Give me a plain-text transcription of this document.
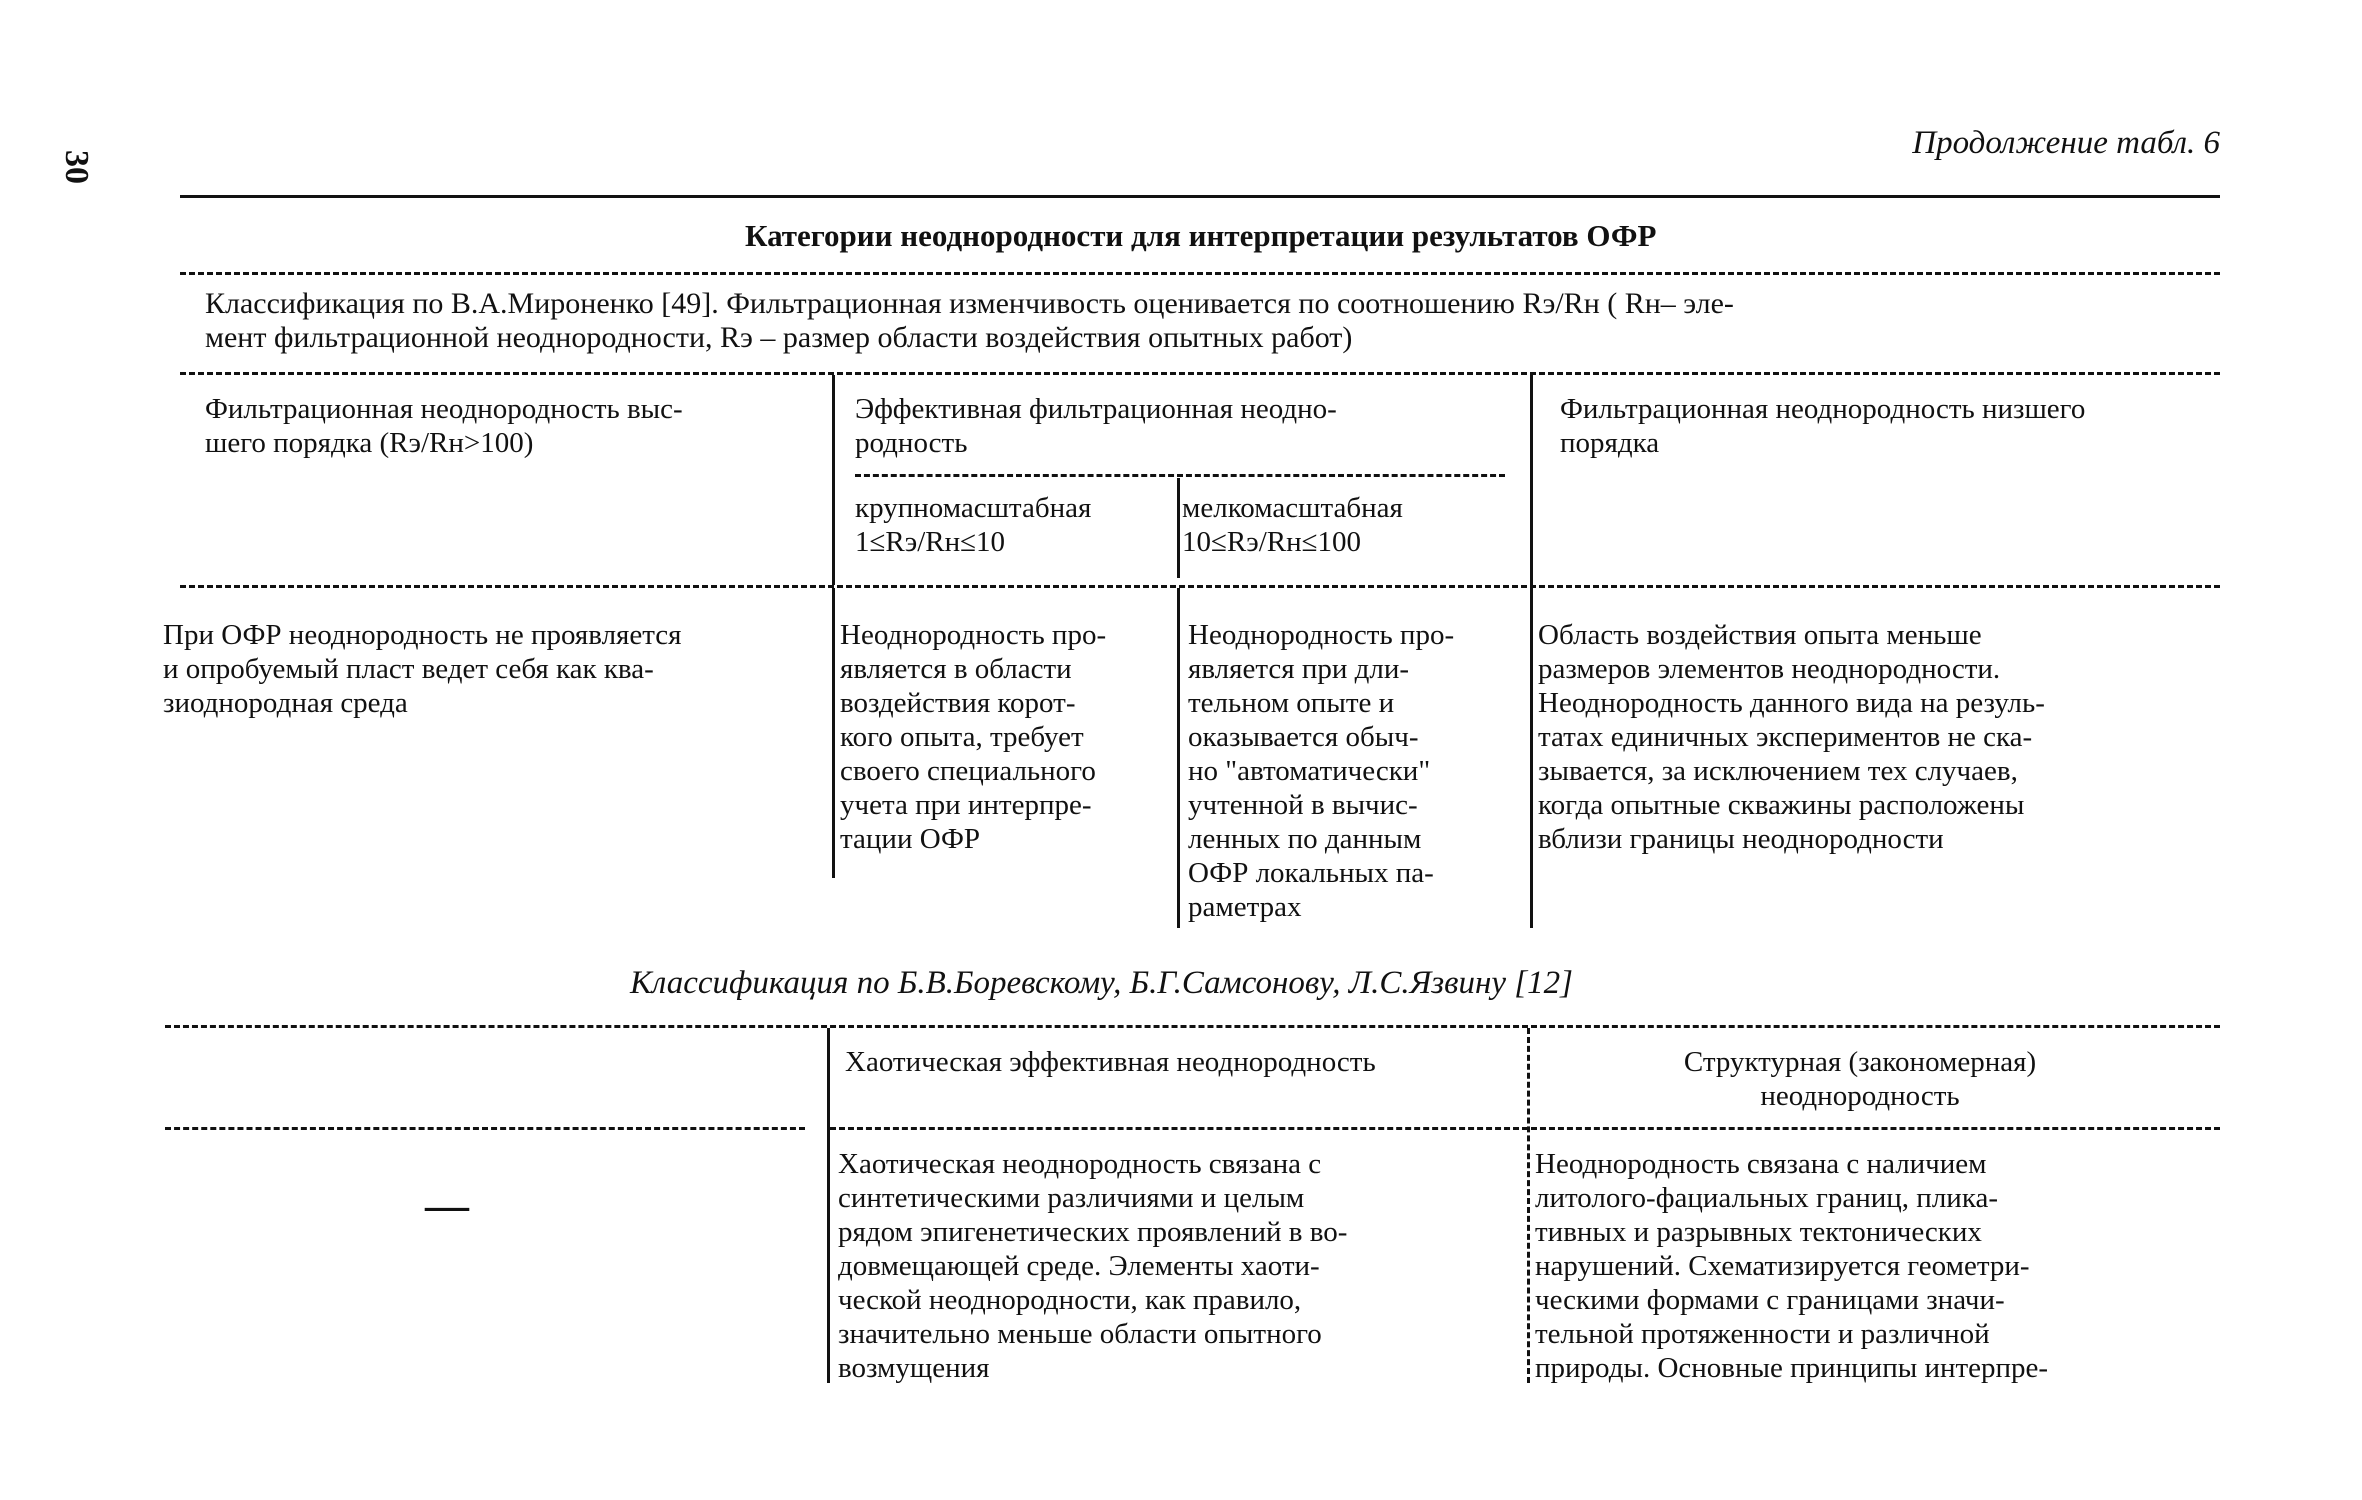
30
Продолжение табл. 6
Категории неоднородности для интерпретации результатов ОФР
Классификация по В.А.Мироненко [49]. Фильтрационная изменчивость оценивается по соотношению Rэ/Rн ( Rн– эле-
мент фильтрационной неоднородности, Rэ – размер области воздействия опытных работ)
Фильтрационная неоднородность выс-
шего порядка (Rэ/Rн>100)
Эффективная фильтрационная неодно-
родность
крупномасштабная
1≤Rэ/Rн≤10
мелкомасштабная
10≤Rэ/Rн≤100
Фильтрационная неоднородность низшего
порядка
При ОФР неоднородность не проявляется
и опробуемый пласт ведет себя как ква-
зиоднородная среда
Неоднородность про-
является в области
воздействия корот-
кого опыта, требует
своего специального
учета при интерпре-
тации ОФР
Неоднородность про-
является при дли-
тельном опыте и
оказывается обыч-
но "автоматически"
учтенной в вычис-
ленных по данным
ОФР локальных па-
раметрах
Область воздействия опыта меньше
размеров элементов неоднородности.
Неоднородность данного вида на резуль-
татах единичных экспериментов не ска-
зывается, за исключением тех случаев,
когда опытные скважины расположены
вблизи границы неоднородности
Классификация по Б.В.Боревскому, Б.Г.Самсонову, Л.С.Язвину [12]
Хаотическая эффективная неоднородность	Структурная (закономерная)
неоднородность
—
Хаотическая неоднородность связана с
синтетическими различиями и целым
рядом эпигенетических проявлений в во-
довмещающей среде. Элементы хаоти-
ческой неоднородности, как правило,
значительно меньше области опытного
возмущения
Неоднородность связана с наличием
литолого-фациальных границ, плика-
тивных и разрывных тектонических
нарушений. Схематизируется геометри-
ческими формами с границами значи-
тельной протяженности и различной
природы. Основные принципы интерпре-
